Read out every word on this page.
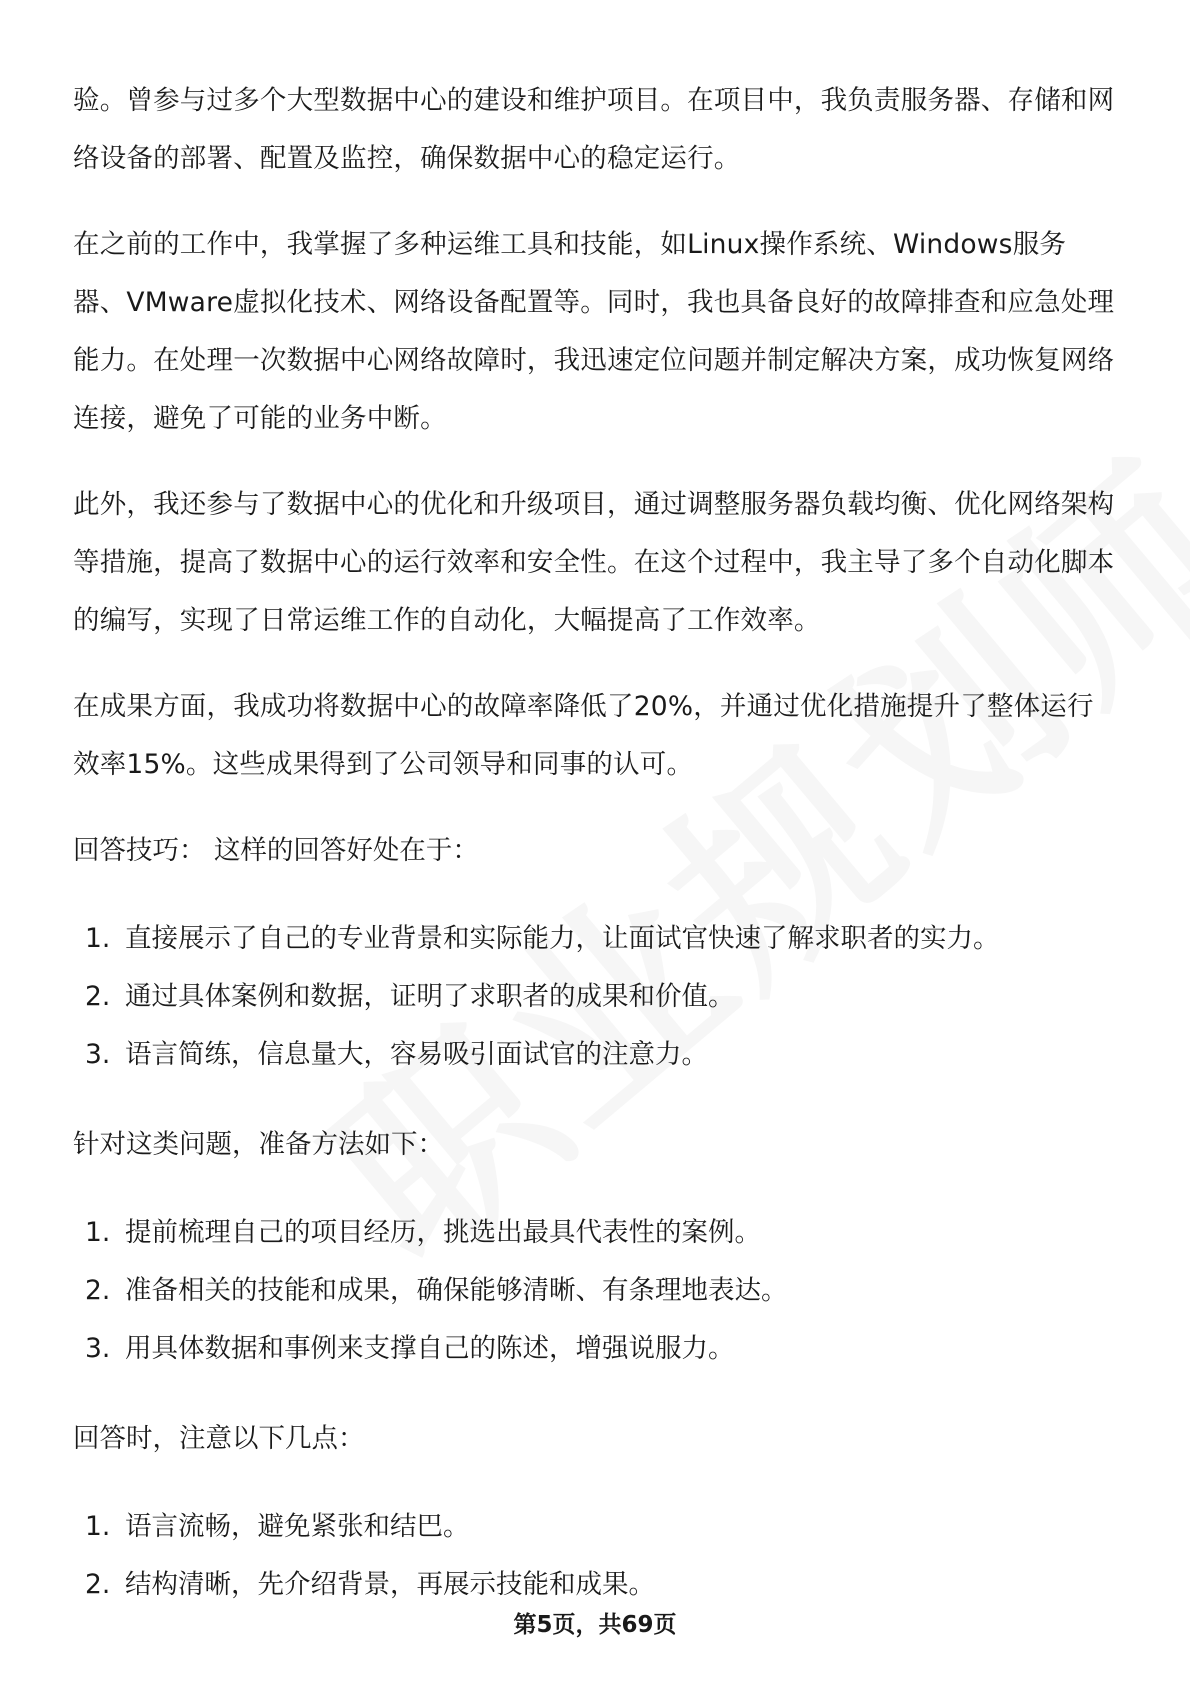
验。曾参与过多个大型数据中心的建设和维护项目。在项目中，我负责服务器、存储和网络设备的部署、配置及监控，确保数据中心的稳定运行。

在之前的工作中，我掌握了多种运维工具和技能，如Linux操作系统、Windows服务器、VMware虚拟化技术、网络设备配置等。同时，我也具备良好的故障排查和应急处理能力。在处理一次数据中心网络故障时，我迅速定位问题并制定解决方案，成功恢复网络连接，避免了可能的业务中断。

此外，我还参与了数据中心的优化和升级项目，通过调整服务器负载均衡、优化网络架构等措施，提高了数据中心的运行效率和安全性。在这个过程中，我主导了多个自动化脚本的编写，实现了日常运维工作的自动化，大幅提高了工作效率。

在成果方面，我成功将数据中心的故障率降低了20%，并通过优化措施提升了整体运行效率15%。这些成果得到了公司领导和同事的认可。

回答技巧： 这样的回答好处在于：
1. 直接展示了自己的专业背景和实际能力，让面试官快速了解求职者的实力。
2. 通过具体案例和数据，证明了求职者的成果和价值。
3. 语言简练，信息量大，容易吸引面试官的注意力。
针对这类问题，准备方法如下：
1. 提前梳理自己的项目经历，挑选出最具代表性的案例。
2. 准备相关的技能和成果，确保能够清晰、有条理地表达。
3. 用具体数据和事例来支撑自己的陈述，增强说服力。
回答时，注意以下几点：
1. 语言流畅，避免紧张和结巴。
2. 结构清晰，先介绍背景，再展示技能和成果。
第5页，共69页
